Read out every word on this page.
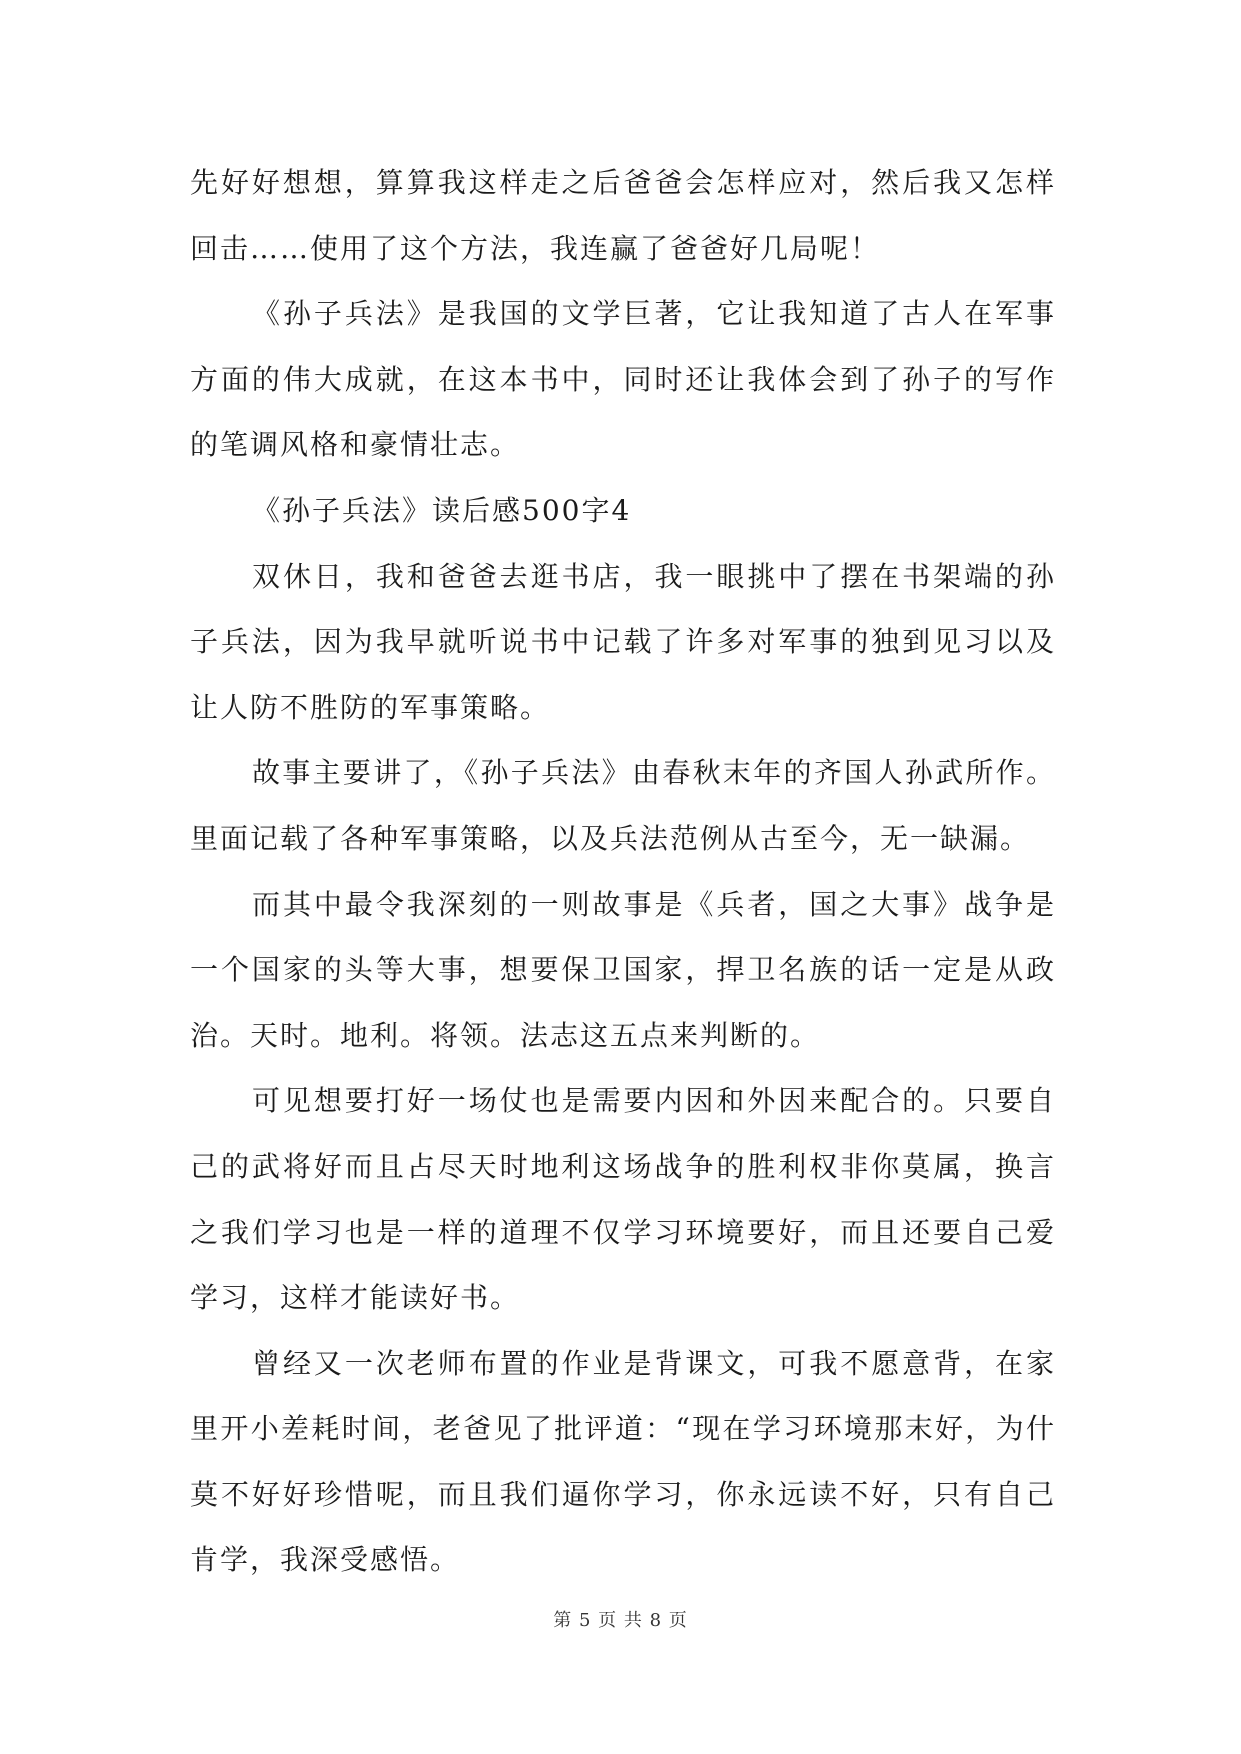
先好好想想，算算我这样走之后爸爸会怎样应对，然后我又怎样回击……使用了这个方法，我连赢了爸爸好几局呢！

《孙子兵法》是我国的文学巨著，它让我知道了古人在军事方面的伟大成就，在这本书中，同时还让我体会到了孙子的写作的笔调风格和豪情壮志。

《孙子兵法》读后感500字4

双休日，我和爸爸去逛书店，我一眼挑中了摆在书架端的孙子兵法，因为我早就听说书中记载了许多对军事的独到见习以及让人防不胜防的军事策略。

故事主要讲了，《孙子兵法》由春秋末年的齐国人孙武所作。里面记载了各种军事策略，以及兵法范例从古至今，无一缺漏。

而其中最令我深刻的一则故事是《兵者，国之大事》战争是一个国家的头等大事，想要保卫国家，捍卫名族的话一定是从政治。天时。地利。将领。法志这五点来判断的。

可见想要打好一场仗也是需要内因和外因来配合的。只要自己的武将好而且占尽天时地利这场战争的胜利权非你莫属，换言之我们学习也是一样的道理不仅学习环境要好，而且还要自己爱学习，这样才能读好书。

曾经又一次老师布置的作业是背课文，可我不愿意背，在家里开小差耗时间，老爸见了批评道：“现在学习环境那末好，为什莫不好好珍惜呢，而且我们逼你学习，你永远读不好，只有自己肯学，我深受感悟。

第 5 页 共 8 页
